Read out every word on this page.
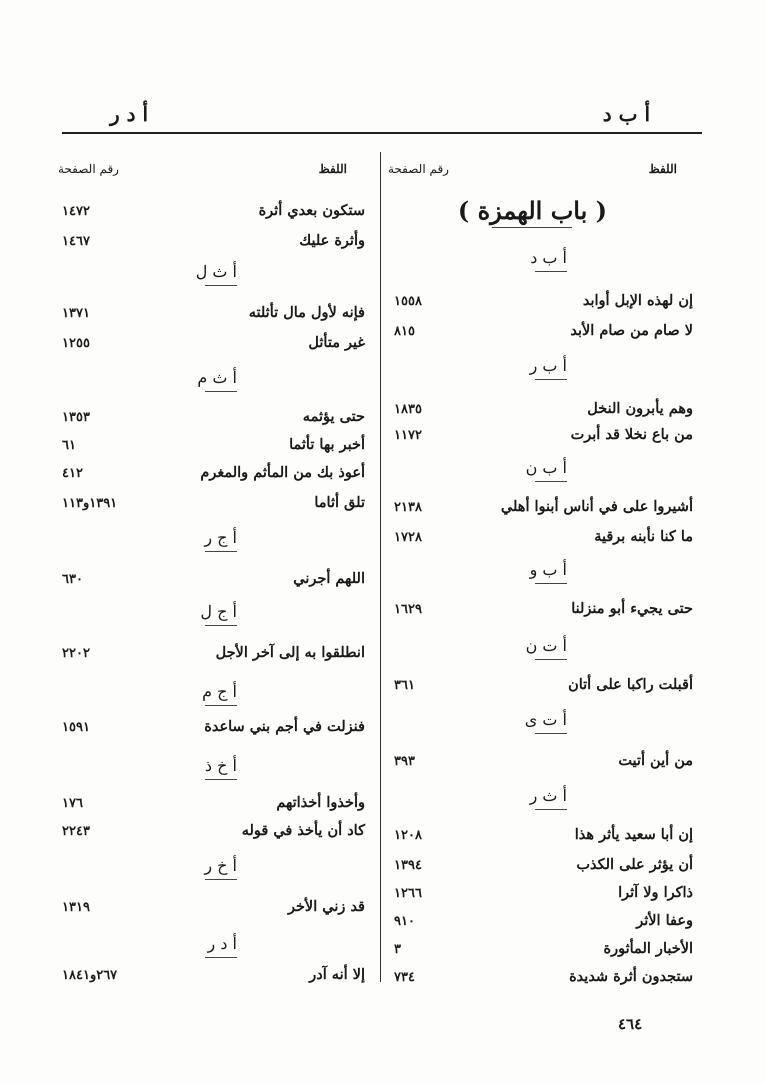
أ ب د
أ د ر
اللفظ
رقم الصفحة
اللفظ
رقم الصفحة
( باب الهمزة )
أ ب د
إن لهذه الإبل أوابد
١٥٥٨
لا صام من صام الأبد
٨١٥
أ ب ر
وهم يأبرون النخل
١٨٣٥
من باع نخلا قد أبرت
١١٧٢
أ ب ن
أشيروا على في أناس أبنوا أهلي
٢١٣٨
ما كنا نأبنه برقية
١٧٢٨
أ ب و
حتى يجيء أبو منزلنا
١٦٢٩
أ ت ن
أقبلت راكبا على أتان
٣٦١
أ ت ى
من أين أتيت
٣٩٣
أ ث ر
إن أبا سعيد يأثر هذا
١٢٠٨
أن يؤثر على الكذب
١٣٩٤
ذاكرا ولا آثرا
١٢٦٦
وعفا الأثر
٩١٠
الأخبار المأثورة
٣
ستجدون أثرة شديدة
٧٣٤
ستكون بعدي أثرة
١٤٧٢
وأثرة عليك
١٤٦٧
أ ث ل
فإنه لأول مال تأثلته
١٣٧١
غير متأثل
١٢٥٥
أ ث م
حتى يؤثمه
١٣٥٣
أخبر بها تأثما
٦١
أعوذ بك من المأثم والمغرم
٤١٢
تلق أثاما
١٣٩١و١١٣
أ ج ر
اللهم أجرني
٦٣٠
أ ج ل
انطلقوا به إلى آخر الأجل
٢٢٠٢
أ ج م
فنزلت في أجم بني ساعدة
١٥٩١
أ خ ذ
وأخذوا أخذاتهم
١٧٦
كاد أن يأخذ في قوله
٢٢٤٣
أ خ ر
قد زني الأخر
١٣١٩
أ د ر
إلا أنه آدر
٢٦٧و١٨٤١
٤٦٤
